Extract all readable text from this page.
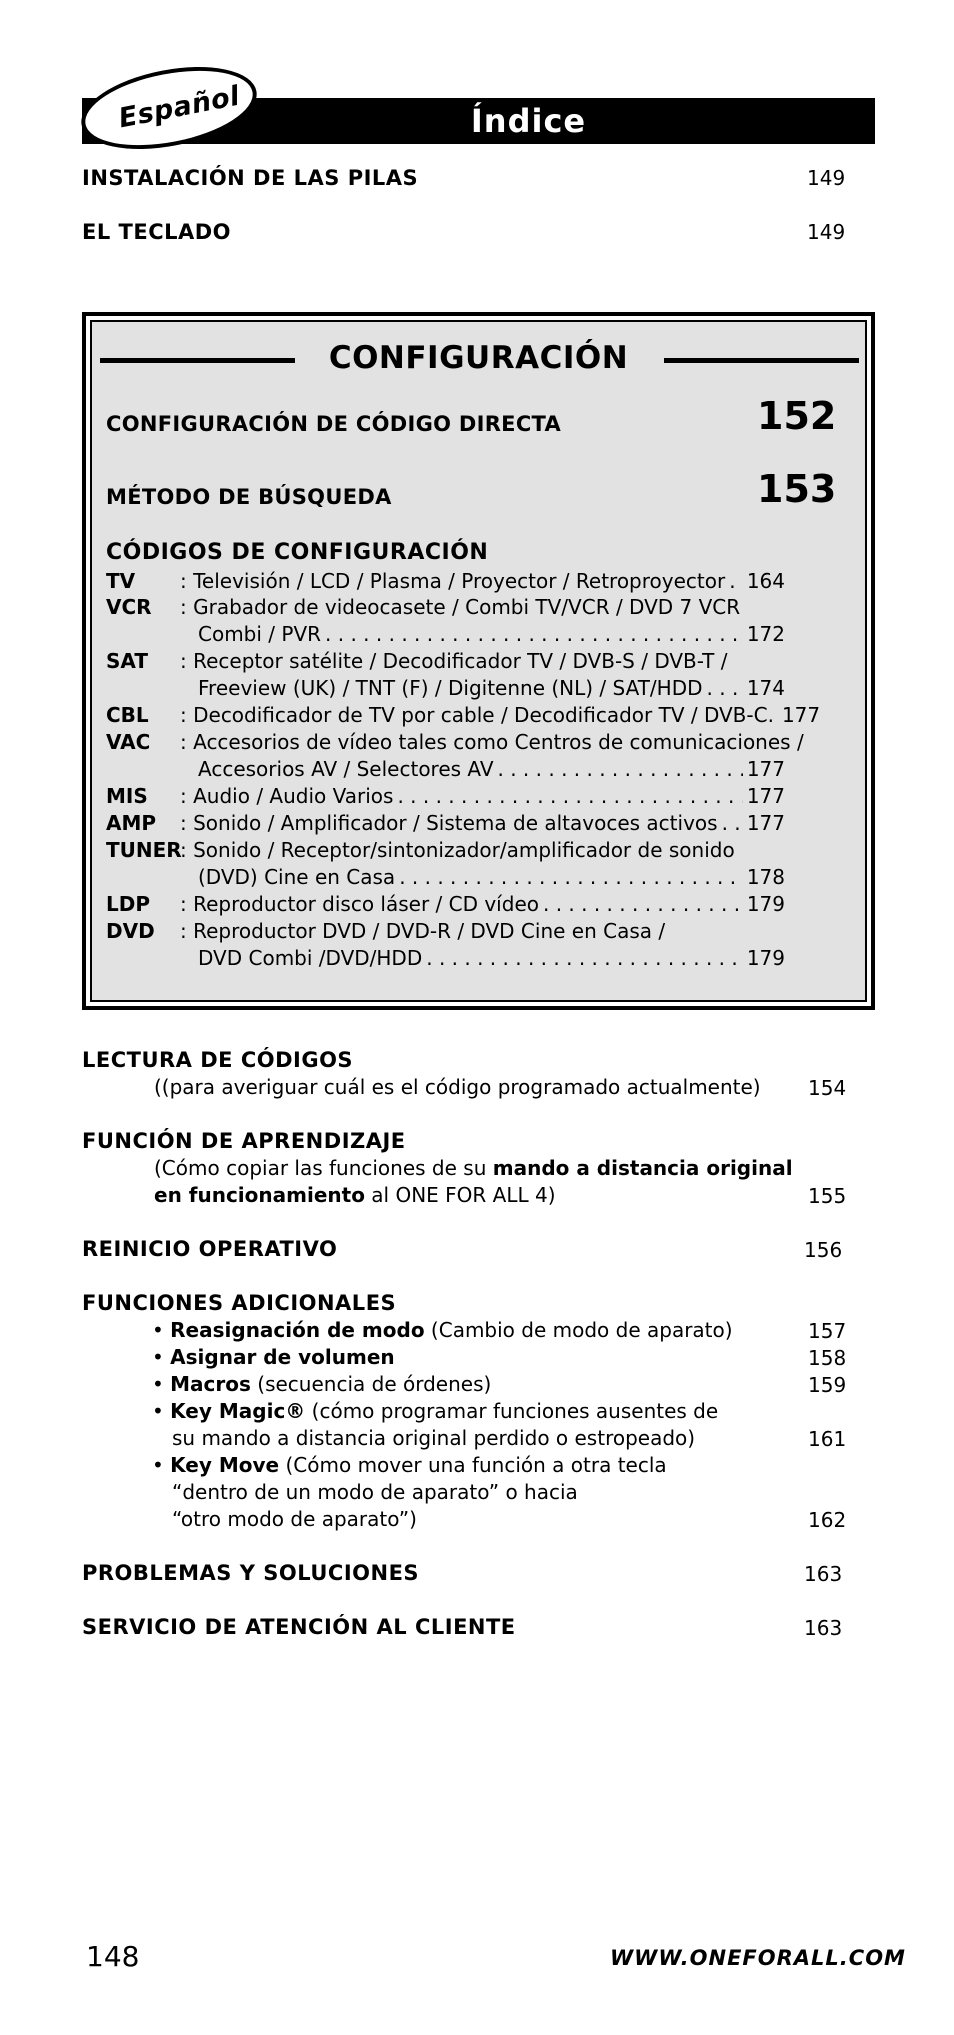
Índice
Español
INSTALACIÓN DE LAS PILAS	149
EL TECLADO	149
CONFIGURACIÓN
CONFIGURACIÓN DE CÓDIGO DIRECTA	152
MÉTODO DE BÚSQUEDA	153
CÓDIGOS DE CONFIGURACIÓN
TV : Televisión / LCD / Plasma / Proyector / Retroproyector . . . 164
VCR : Grabador de videocasete / Combi TV/VCR / DVD 7 VCR
Combi / PVR . . .	172
SAT : Receptor satélite / Decodificador TV / DVB-S / DVB-T /
Freeview (UK) / TNT (F) / Digitenne (NL) / SAT/HDD . . . 174
CBL : Decodificador de TV por cable / Decodificador TV / DVB-C. 177
VAC : Accesorios de vídeo tales como Centros de comunicaciones /
Accesorios AV / Selectores AV . . .	177
MIS : Audio / Audio Varios . . .	177
AMP : Sonido / Amplificador / Sistema de altavoces activos . . . 177
TUNER
: Sonido / Receptor/sintonizador/amplificador de sonido
(DVD) Cine en Casa . . .	178
LDP : Reproductor disco láser / CD vídeo . . .	179
DVD : Reproductor DVD / DVD-R / DVD Cine en Casa /
DVD Combi /DVD/HDD . . .	179
LECTURA DE CÓDIGOS
((para averiguar cuál es el código programado actualmente) 154
FUNCIÓN DE APRENDIZAJE
(Cómo copiar las funciones de su mando a distancia original
en funcionamiento al ONE FOR ALL 4)	155
REINICIO OPERATIVO	156
FUNCIONES ADICIONALES
• Reasignación de modo (Cambio de modo de aparato)	157
• Asignar de volumen	158
• Macros (secuencia de órdenes)	159
• Key Magic® (cómo programar funciones ausentes de
su mando a distancia original perdido o estropeado)	161
• Key Move (Cómo mover una función a otra tecla
“dentro de un modo de aparato” o hacia
“otro modo de aparato”)	162
PROBLEMAS Y SOLUCIONES	163
SERVICIO DE ATENCIÓN AL CLIENTE	163
148	WWW.ONEFORALL.COM
